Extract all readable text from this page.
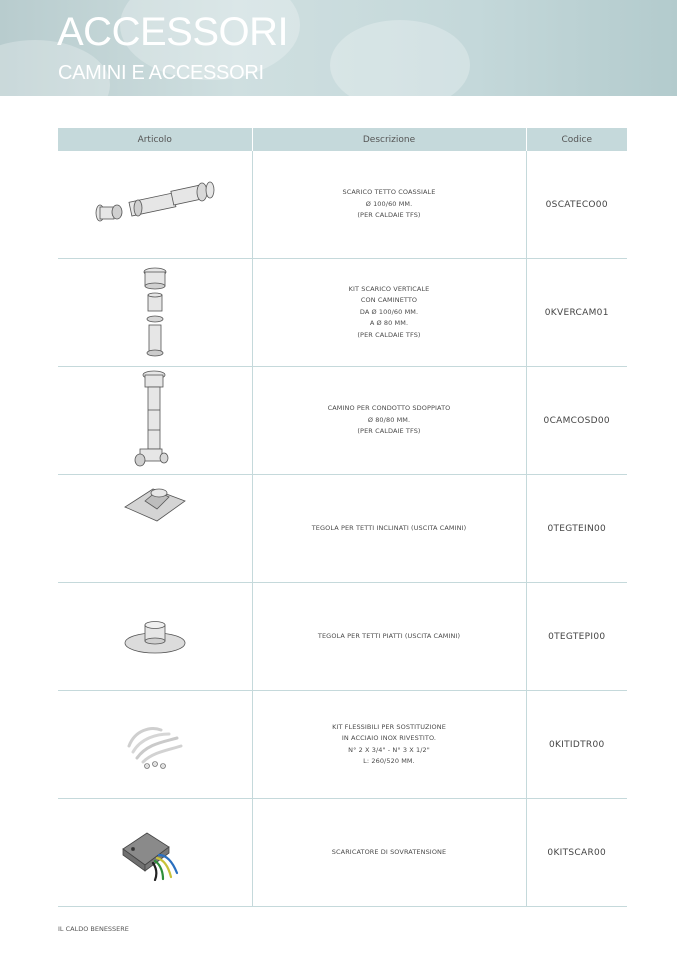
ACCESSORI
CAMINI E ACCESSORI
Articolo	Descrizione	Codice

SCARICO TETTO COASSIALE
Ø 100/60 MM.
(PER CALDAIE TFS)	0SCATECO00

KIT SCARICO VERTICALE
CON CAMINETTO
DA Ø 100/60 MM.
A Ø 80 MM.
(PER CALDAIE TFS)	0KVERCAM01

CAMINO PER CONDOTTO SDOPPIATO
Ø 80/80 MM.
(PER CALDAIE TFS)	0CAMCOSD00

TEGOLA PER TETTI INCLINATI (USCITA CAMINI)	0TEGTEIN00

TEGOLA PER TETTI PIATTI (USCITA CAMINI)	0TEGTEPI00

KIT FLESSIBILI PER SOSTITUZIONE
IN ACCIAIO INOX RIVESTITO.
N° 2 X 3/4" - N° 3 X 1/2"
L: 260/520 MM.	0KITIDTR00

SCARICATORE DI SOVRATENSIONE	0KITSCAR00
IL CALDO BENESSERE
